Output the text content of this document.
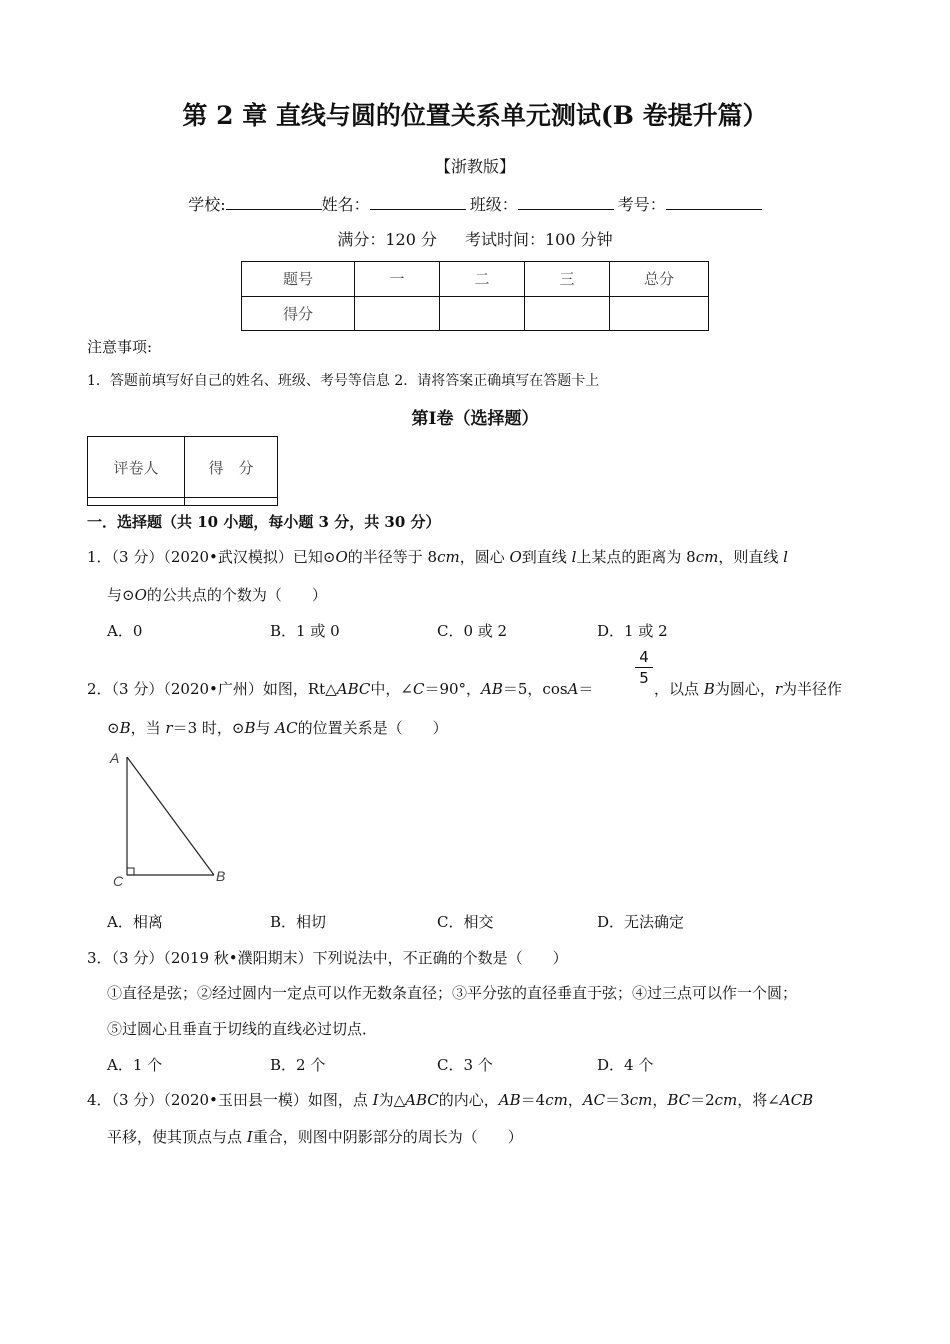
第 2 章 直线与圆的位置关系单元测试(B 卷提升篇）
【浙教版】
学校:	姓名：	班级：	考号：
满分：120 分 考试时间：100 分钟
题号	一	二	三	总分
得分				
注意事项:
1．答题前填写好自己的姓名、班级、考号等信息 2．请将答案正确填写在答题卡上
第Ⅰ卷（选择题）
评卷人	得　分

一．选择题（共 10 小题，每小题 3 分，共 30 分）
1．（3 分）（2020•武汉模拟）已知⊙O的半径等于 8cm，圆心 O到直线 l上某点的距离为 8cm，则直线 l
与⊙O的公共点的个数为（　　）
A．0	B．1 或 0	C．0 或 2	D．1 或 2
2．（3 分）（2020•广州）如图，Rt△ABC中，∠C＝90°，AB＝5，cosA＝
4
5
，以点 B为圆心，r为半径作
⊙B，当 r＝3 时，⊙B与 AC的位置关系是（　　）
A
B
C
A．相离	B．相切	C．相交	D．无法确定
3．（3 分）（2019 秋•濮阳期末）下列说法中，不正确的个数是（　　）
①直径是弦；②经过圆内一定点可以作无数条直径；③平分弦的直径垂直于弦；④过三点可以作一个圆；
⑤过圆心且垂直于切线的直线必过切点．
A．1 个	B．2 个	C．3 个	D．4 个
4．（3 分）（2020•玉田县一模）如图，点 I为△ABC的内心，AB＝4cm，AC＝3cm，BC＝2cm，将∠ACB
平移，使其顶点与点 I重合，则图中阴影部分的周长为（　　）
